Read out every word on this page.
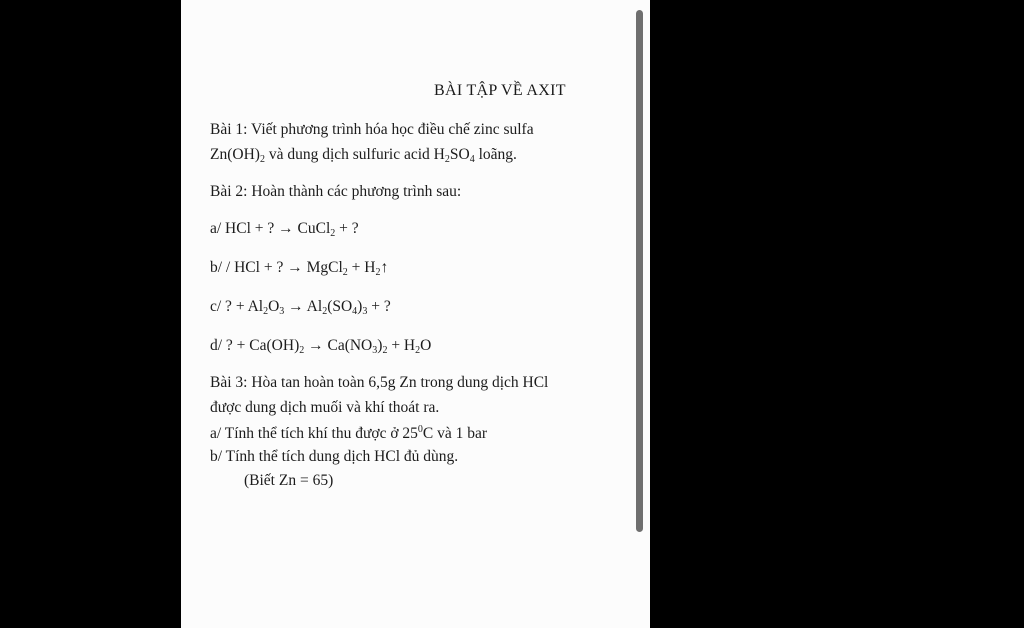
BÀI TẬP VỀ AXIT
Bài 1: Viết phương trình hóa học điều chế zinc sulfa
$Zn(OH)_2$ và dung dịch sulfuric acid $H_2SO_4$ loãng.
Bài 2: Hoàn thành các phương trình sau:
a/ HCl + ? → CuCl$_2$ + ?
b/ / HCl + ? → MgCl$_2$ + $H_2↑$
c/ ? + $Al_2O_3 \to Al_2(SO_4)_3$ + ?
d/ ? + $Ca(OH)_2 \to Ca(NO_3)_2 + H_2O$
Bài 3: Hòa tan hoàn toàn 6,5g Zn trong dung dịch HCl
được dung dịch muối và khí thoát ra.
a/ Tính thể tích khí thu được ở $25^0C$ và 1 bar
b/ Tính thể tích dung dịch HCl đủ dùng.
(Biết Zn = 65)
